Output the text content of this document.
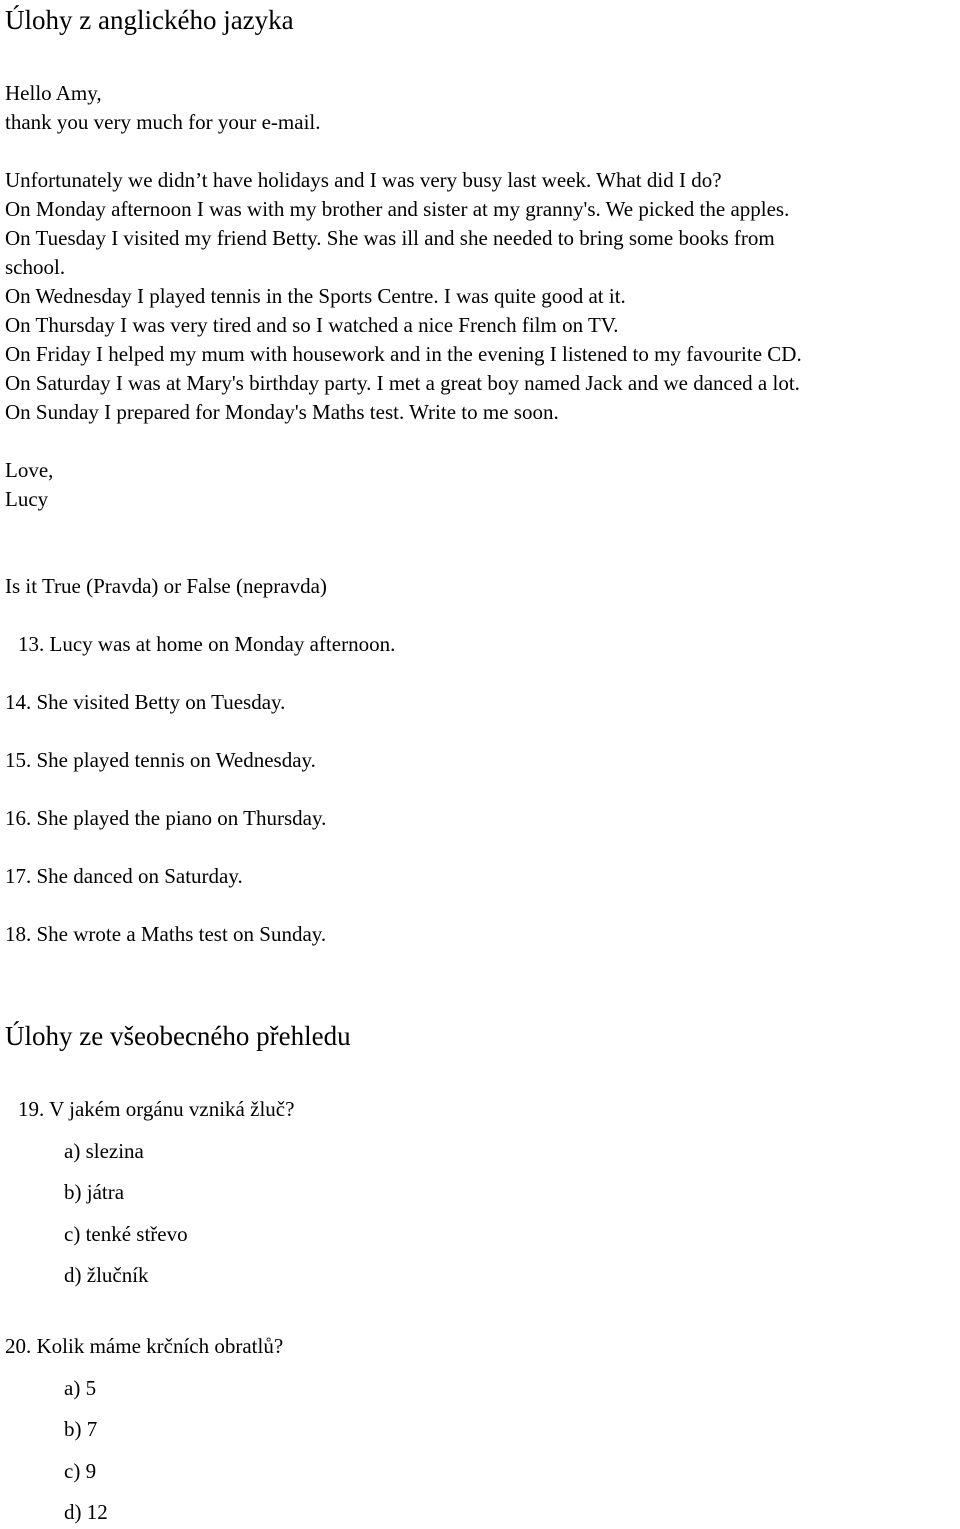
Úlohy z anglického jazyka
Hello Amy,
thank you very much for your e-mail.
Unfortunately we didn’t have holidays and I was very busy last week. What did I do?
On Monday afternoon I was with my brother and sister at my granny's. We picked the apples.
On Tuesday I visited my friend Betty. She was ill and she needed to bring some books from
school.
On Wednesday I played tennis in the Sports Centre. I was quite good at it.
On Thursday I was very tired and so I watched a nice French film on TV.
On Friday I helped my mum with housework and in the evening I listened to my favourite CD.
On Saturday I was at Mary's birthday party. I met a great boy named Jack and we danced a lot.
On Sunday I prepared for Monday's Maths test. Write to me soon.
Love,
Lucy
Is it True (Pravda) or False (nepravda)
13. Lucy was at home on Monday afternoon.
14. She visited Betty on Tuesday.
15. She played tennis on Wednesday.
16. She played the piano on Thursday.
17. She danced on Saturday.
18. She wrote a Maths test on Sunday.
Úlohy ze všeobecného přehledu
19. V jakém orgánu vzniká žluč?
a) slezina
b) játra
c) tenké střevo
d) žlučník
20. Kolik máme krčních obratlů?
a) 5
b) 7
c) 9
d) 12
